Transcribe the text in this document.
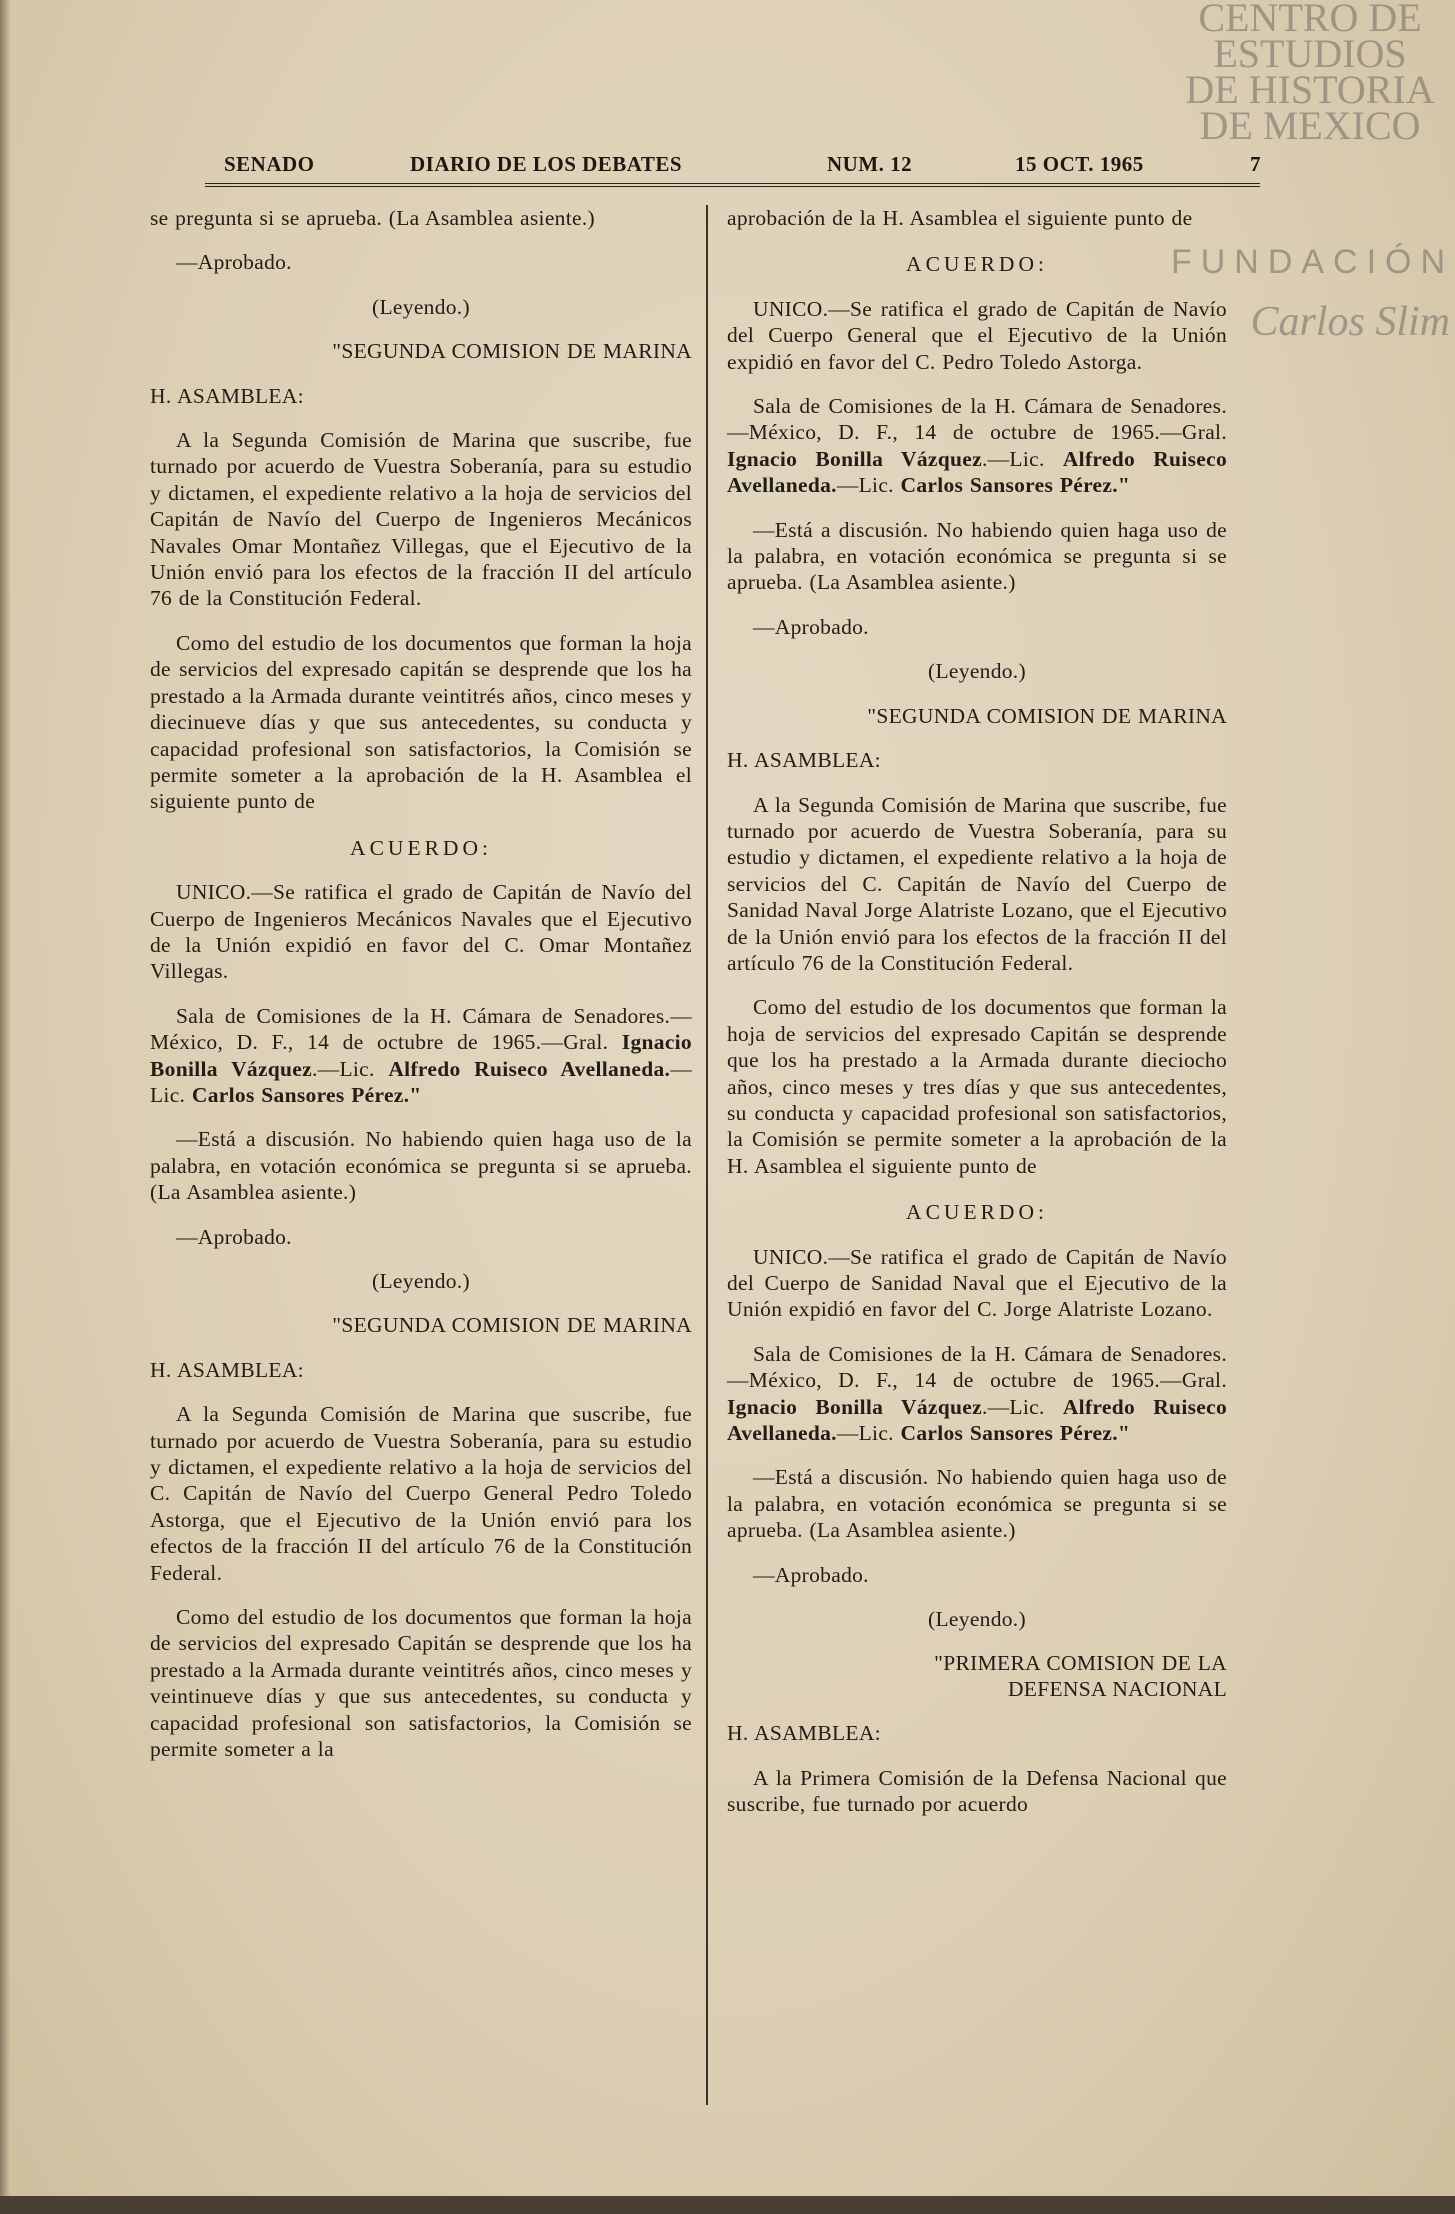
CENTRO DE
ESTUDIOS
DE HISTORIA
DE MEXICO
FUNDACIÓN
Carlos Slim
SENADO	DIARIO DE LOS DEBATES	NUM. 12	15 OCT. 1965	7

se pregunta si se aprueba. (La Asamblea asiente.)

—Aprobado.

(Leyendo.)

"SEGUNDA COMISION DE MARINA

H. ASAMBLEA:

A la Segunda Comisión de Marina que suscribe, fue turnado por acuerdo de Vuestra Soberanía, para su estudio y dictamen, el expediente relativo a la hoja de servicios del Capitán de Navío del Cuerpo de Ingenieros Mecánicos Navales Omar Montañez Villegas, que el Ejecutivo de la Unión envió para los efectos de la fracción II del artículo 76 de la Constitución Federal.

Como del estudio de los documentos que forman la hoja de servicios del expresado capitán se desprende que los ha prestado a la Armada durante veintitrés años, cinco meses y diecinueve días y que sus antecedentes, su conducta y capacidad profesional son satisfactorios, la Comisión se permite someter a la aprobación de la H. Asamblea el siguiente punto de

ACUERDO:

UNICO.—Se ratifica el grado de Capitán de Navío del Cuerpo de Ingenieros Mecánicos Navales que el Ejecutivo de la Unión expidió en favor del C. Omar Montañez Villegas.

Sala de Comisiones de la H. Cámara de Senadores.—México, D. F., 14 de octubre de 1965.—Gral. Ignacio Bonilla Vázquez.—Lic. Alfredo Ruiseco Avellaneda.—Lic. Carlos Sansores Pérez."

—Está a discusión. No habiendo quien haga uso de la palabra, en votación económica se pregunta si se aprueba. (La Asamblea asiente.)

—Aprobado.

(Leyendo.)

"SEGUNDA COMISION DE MARINA

H. ASAMBLEA:

A la Segunda Comisión de Marina que suscribe, fue turnado por acuerdo de Vuestra Soberanía, para su estudio y dictamen, el expediente relativo a la hoja de servicios del C. Capitán de Navío del Cuerpo General Pedro Toledo Astorga, que el Ejecutivo de la Unión envió para los efectos de la fracción II del artículo 76 de la Constitución Federal.

Como del estudio de los documentos que forman la hoja de servicios del expresado Capitán se desprende que los ha prestado a la Armada durante veintitrés años, cinco meses y veintinueve días y que sus antecedentes, su conducta y capacidad profesional son satisfactorios, la Comisión se permite someter a la

aprobación de la H. Asamblea el siguiente punto de

ACUERDO:

UNICO.—Se ratifica el grado de Capitán de Navío del Cuerpo General que el Ejecutivo de la Unión expidió en favor del C. Pedro Toledo Astorga.

Sala de Comisiones de la H. Cámara de Senadores.—México, D. F., 14 de octubre de 1965.—Gral. Ignacio Bonilla Vázquez.—Lic. Alfredo Ruiseco Avellaneda.—Lic. Carlos Sansores Pérez."

—Está a discusión. No habiendo quien haga uso de la palabra, en votación económica se pregunta si se aprueba. (La Asamblea asiente.)

—Aprobado.

(Leyendo.)

"SEGUNDA COMISION DE MARINA

H. ASAMBLEA:

A la Segunda Comisión de Marina que suscribe, fue turnado por acuerdo de Vuestra Soberanía, para su estudio y dictamen, el expediente relativo a la hoja de servicios del C. Capitán de Navío del Cuerpo de Sanidad Naval Jorge Alatriste Lozano, que el Ejecutivo de la Unión envió para los efectos de la fracción II del artículo 76 de la Constitución Federal.

Como del estudio de los documentos que forman la hoja de servicios del expresado Capitán se desprende que los ha prestado a la Armada durante dieciocho años, cinco meses y tres días y que sus antecedentes, su conducta y capacidad profesional son satisfactorios, la Comisión se permite someter a la aprobación de la H. Asamblea el siguiente punto de

ACUERDO:

UNICO.—Se ratifica el grado de Capitán de Navío del Cuerpo de Sanidad Naval que el Ejecutivo de la Unión expidió en favor del C. Jorge Alatriste Lozano.

Sala de Comisiones de la H. Cámara de Senadores.—México, D. F., 14 de octubre de 1965.—Gral. Ignacio Bonilla Vázquez.—Lic. Alfredo Ruiseco Avellaneda.—Lic. Carlos Sansores Pérez."

—Está a discusión. No habiendo quien haga uso de la palabra, en votación económica se pregunta si se aprueba. (La Asamblea asiente.)

—Aprobado.

(Leyendo.)

"PRIMERA COMISION DE LA

DEFENSA NACIONAL

H. ASAMBLEA:

A la Primera Comisión de la Defensa Nacional que suscribe, fue turnado por acuerdo
